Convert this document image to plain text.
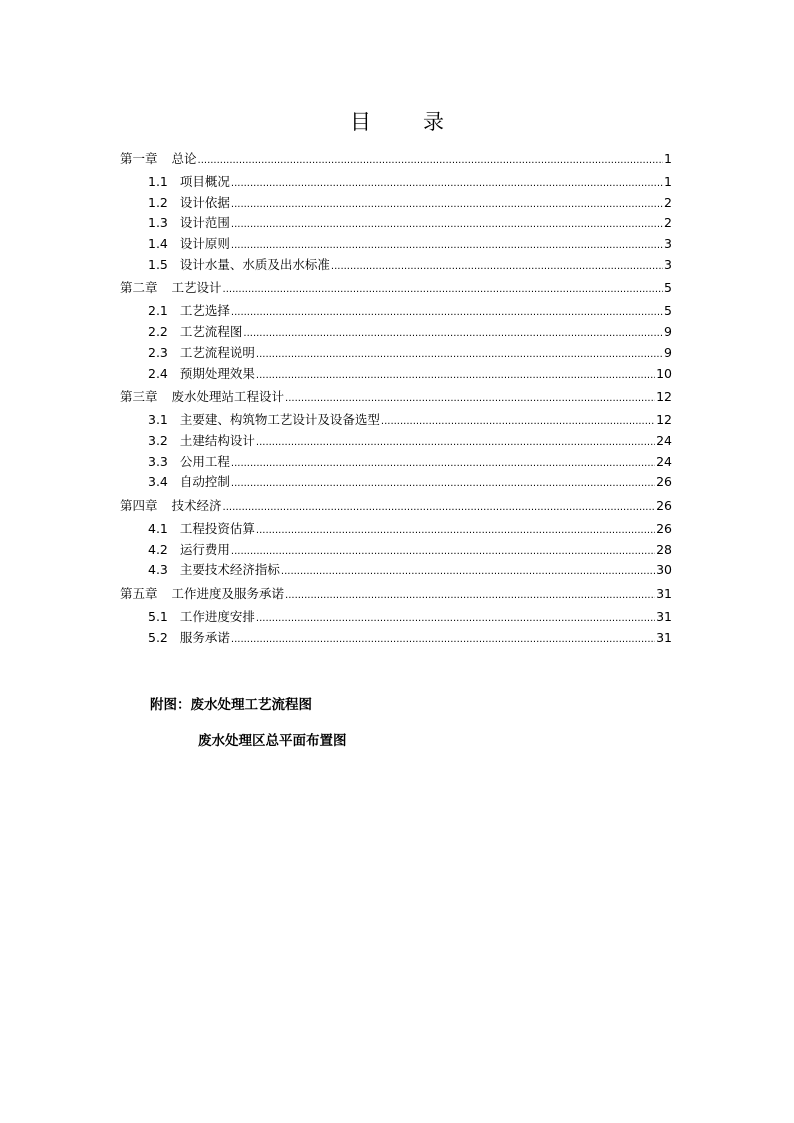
目 录
第一章 总论 .....	1
1.1 项目概况 .....	1
1.2 设计依据 .....	2
1.3 设计范围 .....	2
1.4 设计原则 .....	3
1.5 设计水量、水质及出水标准 .....	3
第二章 工艺设计 .....	5
2.1 工艺选择 .....	5
2.2 工艺流程图 .....	9
2.3 工艺流程说明 .....	9
2.4 预期处理效果 .....	10
第三章 废水处理站工程设计 .....	12
3.1 主要建、构筑物工艺设计及设备选型 .....	12
3.2 土建结构设计 .....	24
3.3 公用工程 .....	24
3.4 自动控制 .....	26
第四章 技术经济 .....	26
4.1 工程投资估算 .....	26
4.2 运行费用 .....	28
4.3 主要技术经济指标 .....	30
第五章 工作进度及服务承诺 .....	31
5.1 工作进度安排 .....	31
5.2 服务承诺 .....	31
附图：废水处理工艺流程图
废水处理区总平面布置图
